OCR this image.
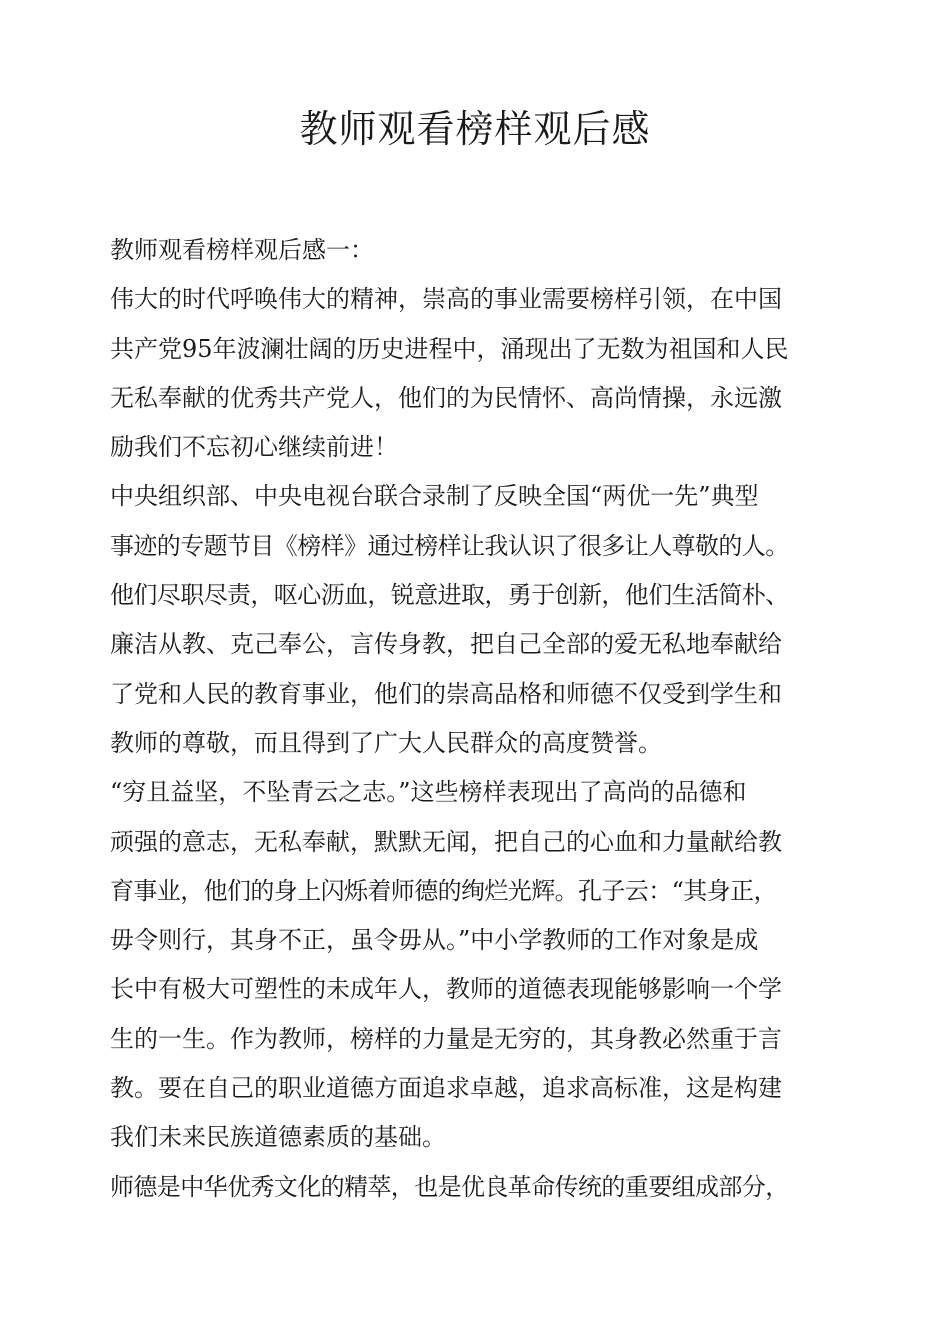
教师观看榜样观后感
教师观看榜样观后感一：
伟大的时代呼唤伟大的精神，崇高的事业需要榜样引领，在中国
共产党95年波澜壮阔的历史进程中，涌现出了无数为祖国和人民
无私奉献的优秀共产党人，他们的为民情怀、高尚情操，永远激
励我们不忘初心继续前进！
中央组织部、中央电视台联合录制了反映全国“两优一先”典型
事迹的专题节目《榜样》通过榜样让我认识了很多让人尊敬的人。
他们尽职尽责，呕心沥血，锐意进取，勇于创新，他们生活简朴、
廉洁从教、克己奉公，言传身教，把自己全部的爱无私地奉献给
了党和人民的教育事业，他们的崇高品格和师德不仅受到学生和
教师的尊敬，而且得到了广大人民群众的高度赞誉。
“穷且益坚，不坠青云之志。”这些榜样表现出了高尚的品德和
顽强的意志，无私奉献，默默无闻，把自己的心血和力量献给教
育事业，他们的身上闪烁着师德的绚烂光辉。孔子云：“其身正，
毋令则行，其身不正，虽令毋从。”中小学教师的工作对象是成
长中有极大可塑性的未成年人，教师的道德表现能够影响一个学
生的一生。作为教师，榜样的力量是无穷的，其身教必然重于言
教。要在自己的职业道德方面追求卓越，追求高标准，这是构建
我们未来民族道德素质的基础。
师德是中华优秀文化的精萃，也是优良革命传统的重要组成部分，
